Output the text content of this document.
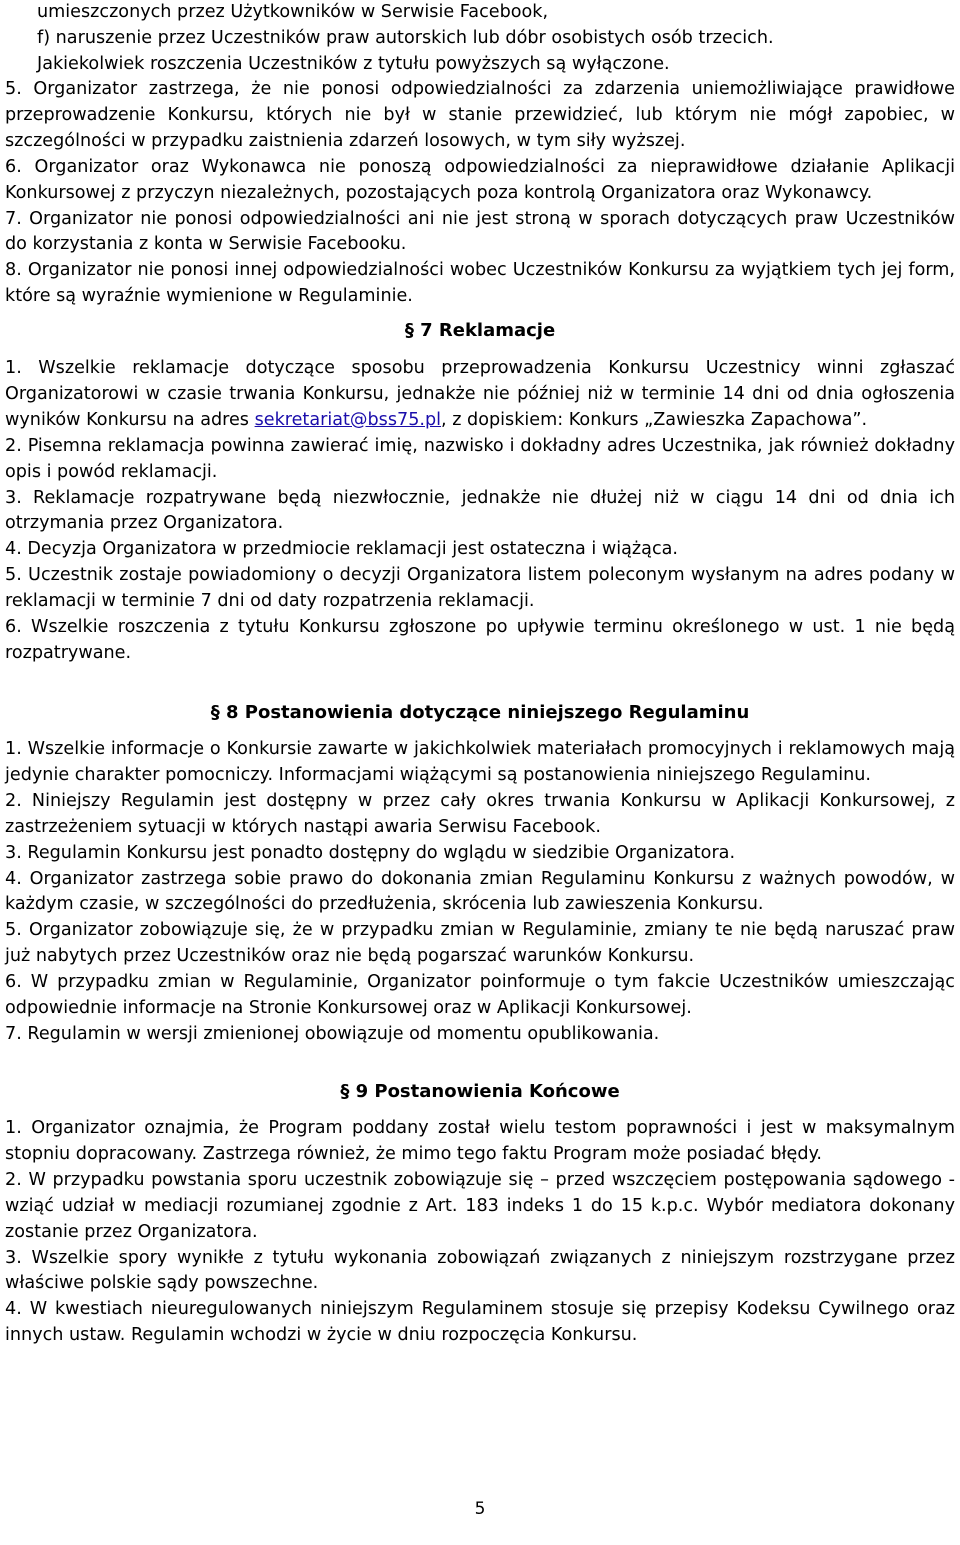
umieszczonych przez Użytkowników w Serwisie Facebook,

f) naruszenie przez Uczestników praw autorskich lub dóbr osobistych osób trzecich.

Jakiekolwiek roszczenia Uczestników z tytułu powyższych są wyłączone.

5. Organizator zastrzega, że nie ponosi odpowiedzialności za zdarzenia uniemożliwiające prawidłowe przeprowadzenie Konkursu, których nie był w stanie przewidzieć, lub którym nie mógł zapobiec, w szczególności w przypadku zaistnienia zdarzeń losowych, w tym siły wyższej.

6. Organizator oraz Wykonawca nie ponoszą odpowiedzialności za nieprawidłowe działanie Aplikacji Konkursowej z przyczyn niezależnych, pozostających poza kontrolą Organizatora oraz Wykonawcy.

7. Organizator nie ponosi odpowiedzialności ani nie jest stroną w sporach dotyczących praw Uczestników do korzystania z konta w Serwisie Facebooku.

8. Organizator nie ponosi innej odpowiedzialności wobec Uczestników Konkursu za wyjątkiem tych jej form, które są wyraźnie wymienione w Regulaminie.

§ 7 Reklamacje

1. Wszelkie reklamacje dotyczące sposobu przeprowadzenia Konkursu Uczestnicy winni zgłaszać Organizatorowi w czasie trwania Konkursu, jednakże nie później niż w terminie 14 dni od dnia ogłoszenia wyników Konkursu na adres sekretariat@bss75.pl, z dopiskiem: Konkurs „Zawieszka Zapachowa”.

2. Pisemna reklamacja powinna zawierać imię, nazwisko i dokładny adres Uczestnika, jak również dokładny opis i powód reklamacji.

3. Reklamacje rozpatrywane będą niezwłocznie, jednakże nie dłużej niż w ciągu 14 dni od dnia ich otrzymania przez Organizatora.

4. Decyzja Organizatora w przedmiocie reklamacji jest ostateczna i wiążąca.

5. Uczestnik zostaje powiadomiony o decyzji Organizatora listem poleconym wysłanym na adres podany w reklamacji w terminie 7 dni od daty rozpatrzenia reklamacji.

6. Wszelkie roszczenia z tytułu Konkursu zgłoszone po upływie terminu określonego w ust. 1 nie będą rozpatrywane.

§ 8 Postanowienia dotyczące niniejszego Regulaminu

1. Wszelkie informacje o Konkursie zawarte w jakichkolwiek materiałach promocyjnych i reklamowych mają jedynie charakter pomocniczy. Informacjami wiążącymi są postanowienia niniejszego Regulaminu.

2. Niniejszy Regulamin jest dostępny w przez cały okres trwania Konkursu w Aplikacji Konkursowej, z zastrzeżeniem sytuacji w których nastąpi awaria Serwisu Facebook.

3. Regulamin Konkursu jest ponadto dostępny do wglądu w siedzibie Organizatora.

4. Organizator zastrzega sobie prawo do dokonania zmian Regulaminu Konkursu z ważnych powodów, w każdym czasie, w szczególności do przedłużenia, skrócenia lub zawieszenia Konkursu.

5. Organizator zobowiązuje się, że w przypadku zmian w Regulaminie, zmiany te nie będą naruszać praw już nabytych przez Uczestników oraz nie będą pogarszać warunków Konkursu.

6. W przypadku zmian w Regulaminie, Organizator poinformuje o tym fakcie Uczestników umieszczając odpowiednie informacje na Stronie Konkursowej oraz w Aplikacji Konkursowej.

7. Regulamin w wersji zmienionej obowiązuje od momentu opublikowania.

§ 9 Postanowienia Końcowe

1. Organizator oznajmia, że Program poddany został wielu testom poprawności i jest w maksymalnym stopniu dopracowany. Zastrzega również, że mimo tego faktu Program może posiadać błędy.

2. W przypadku powstania sporu uczestnik zobowiązuje się – przed wszczęciem postępowania sądowego - wziąć udział w mediacji rozumianej zgodnie z Art. 183 indeks 1 do 15 k.p.c. Wybór mediatora dokonany zostanie przez Organizatora.

3. Wszelkie spory wynikłe z tytułu wykonania zobowiązań związanych z niniejszym rozstrzygane przez właściwe polskie sądy powszechne.

4. W kwestiach nieuregulowanych niniejszym Regulaminem stosuje się przepisy Kodeksu Cywilnego oraz innych ustaw. Regulamin wchodzi w życie w dniu rozpoczęcia Konkursu.

5
